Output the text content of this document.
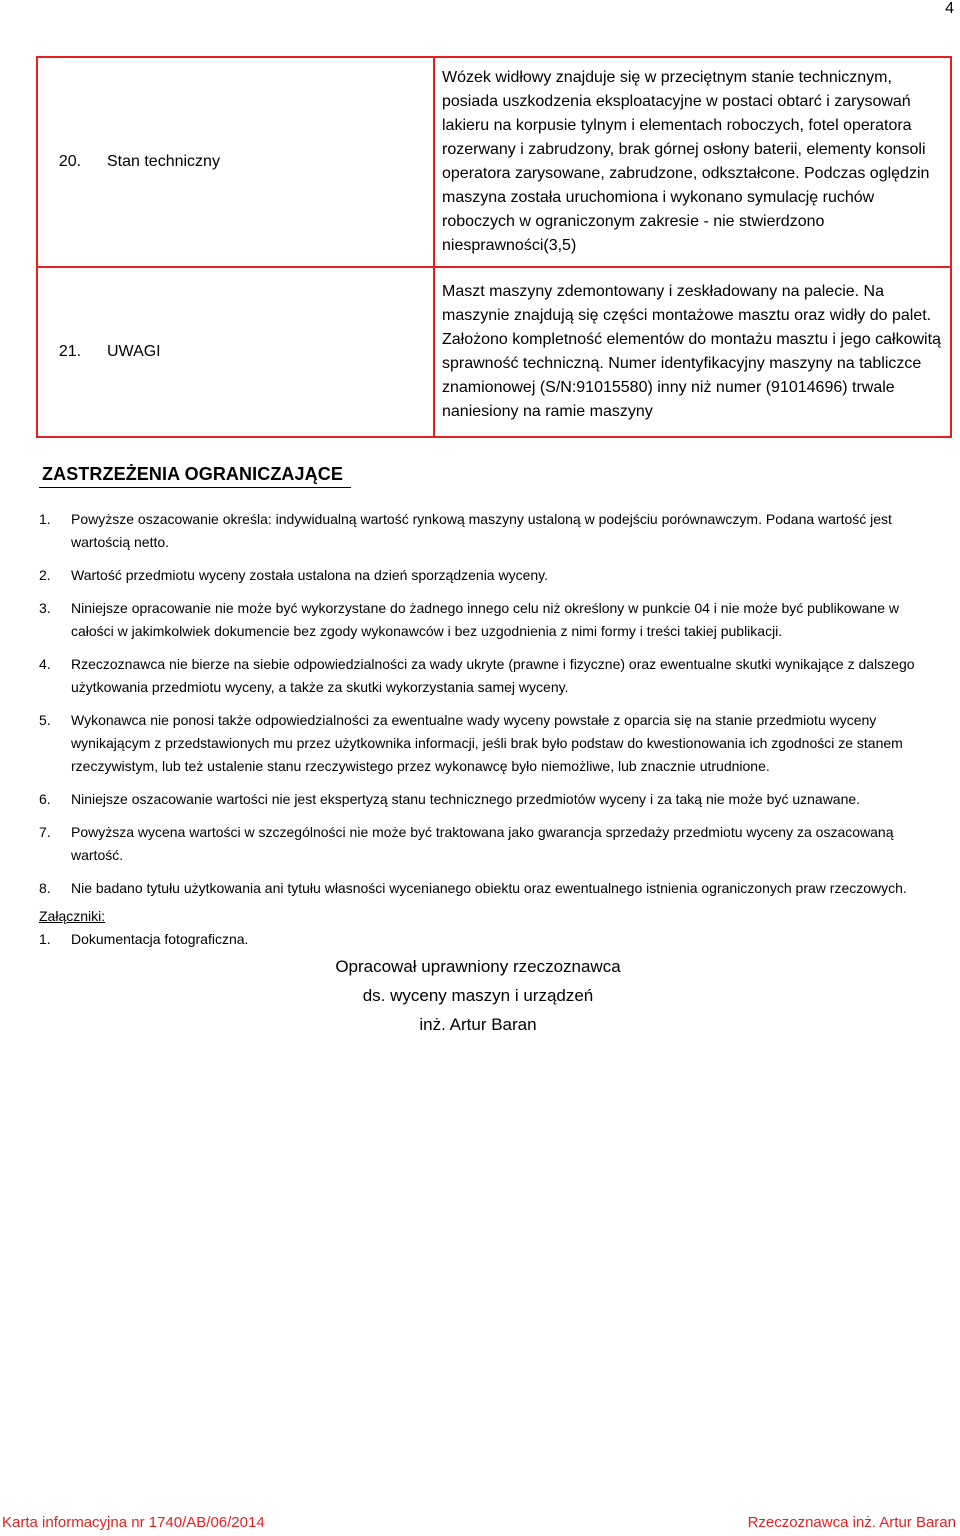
4
20.	Stan techniczny	Wózek widłowy znajduje się w przeciętnym stanie technicznym, posiada uszkodzenia eksploatacyjne w postaci obtarć i zarysowań lakieru na korpusie tylnym i elementach roboczych, fotel operatora rozerwany i zabrudzony, brak górnej osłony baterii, elementy konsoli operatora zarysowane, zabrudzone, odkształcone. Podczas oględzin maszyna została uruchomiona i wykonano symulację ruchów roboczych w ograniczonym zakresie - nie stwierdzono niesprawności(3,5)
21.	UWAGI	Maszt maszyny zdemontowany i zeskładowany na palecie. Na maszynie znajdują się części montażowe masztu oraz widły do palet. Założono kompletność elementów do montażu masztu i jego całkowitą sprawność techniczną. Numer identyfikacyjny maszyny na tabliczce znamionowej (S/N:91015580) inny niż numer (91014696) trwale naniesiony na ramie maszyny
ZASTRZEŻENIA OGRANICZAJĄCE
1. Powyższe oszacowanie określa: indywidualną wartość rynkową maszyny ustaloną w podejściu porównawczym. Podana wartość jest wartością netto.
2. Wartość przedmiotu wyceny została ustalona na dzień sporządzenia wyceny.
3. Niniejsze opracowanie nie może być wykorzystane do żadnego innego celu niż określony w punkcie 04 i nie może być publikowane w całości w jakimkolwiek dokumencie bez zgody wykonawców i bez uzgodnienia z nimi formy i treści takiej publikacji.
4. Rzeczoznawca nie bierze na siebie odpowiedzialności za wady ukryte (prawne i fizyczne) oraz ewentualne skutki wynikające z dalszego użytkowania przedmiotu wyceny, a także za skutki wykorzystania samej wyceny.
5. Wykonawca nie ponosi także odpowiedzialności za ewentualne wady wyceny powstałe z oparcia się na stanie przedmiotu wyceny wynikającym z przedstawionych mu przez użytkownika informacji, jeśli brak było podstaw do kwestionowania ich zgodności ze stanem rzeczywistym, lub też ustalenie stanu rzeczywistego przez wykonawcę było niemożliwe, lub znacznie utrudnione.
6. Niniejsze oszacowanie wartości nie jest ekspertyzą stanu technicznego przedmiotów wyceny i za taką nie może być uznawane.
7. Powyższa wycena wartości w szczególności nie może być traktowana jako gwarancja sprzedaży przedmiotu wyceny za oszacowaną wartość.
8. Nie badano tytułu użytkowania ani tytułu własności wycenianego obiektu oraz ewentualnego istnienia ograniczonych praw rzeczowych.
Załączniki:
1. Dokumentacja fotograficzna.
Opracował uprawniony rzeczoznawca
ds. wyceny maszyn i urządzeń
inż. Artur Baran
Karta informacyjna nr 1740/AB/06/2014	Rzeczoznawca inż. Artur Baran
